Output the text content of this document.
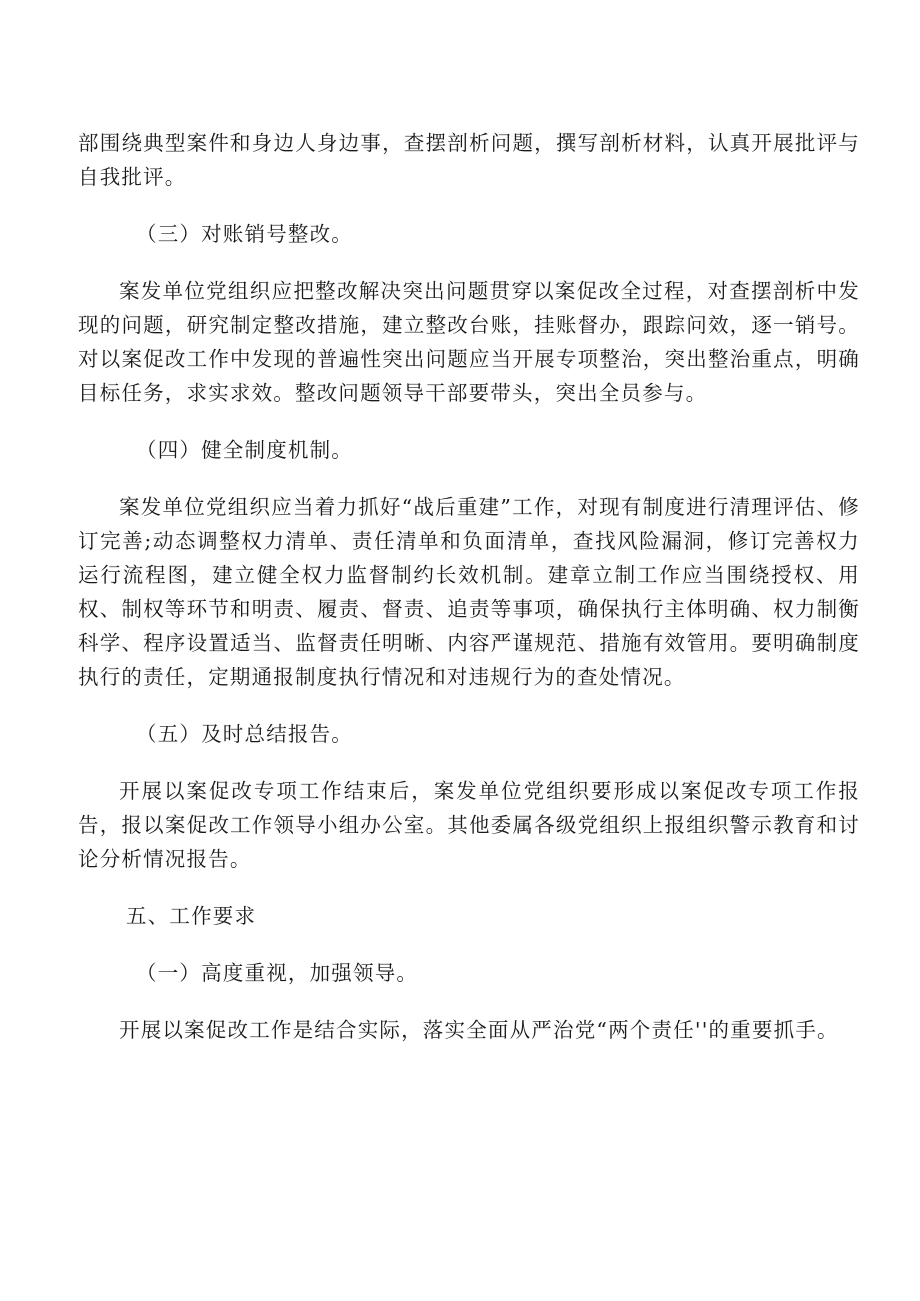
部围绕典型案件和身边人身边事，查摆剖析问题，撰写剖析材料，认真开展批评与自我批评。

（三）对账销号整改。

案发单位党组织应把整改解决突出问题贯穿以案促改全过程，对查摆剖析中发现的问题，研究制定整改措施，建立整改台账，挂账督办，跟踪问效，逐一销号。对以案促改工作中发现的普遍性突出问题应当开展专项整治，突出整治重点，明确目标任务，求实求效。整改问题领导干部要带头，突出全员参与。

（四）健全制度机制。

案发单位党组织应当着力抓好“战后重建”工作，对现有制度进行清理评估、修订完善;动态调整权力清单、责任清单和负面清单，查找风险漏洞，修订完善权力运行流程图，建立健全权力监督制约长效机制。建章立制工作应当围绕授权、用权、制权等环节和明责、履责、督责、追责等事项，确保执行主体明确、权力制衡科学、程序设置适当、监督责任明晰、内容严谨规范、措施有效管用。要明确制度执行的责任，定期通报制度执行情况和对违规行为的查处情况。

（五）及时总结报告。

开展以案促改专项工作结束后，案发单位党组织要形成以案促改专项工作报告，报以案促改工作领导小组办公室。其他委属各级党组织上报组织警示教育和讨论分析情况报告。

五、工作要求

（一）高度重视，加强领导。

开展以案促改工作是结合实际，落实全面从严治党“两个责任''的重要抓手。
